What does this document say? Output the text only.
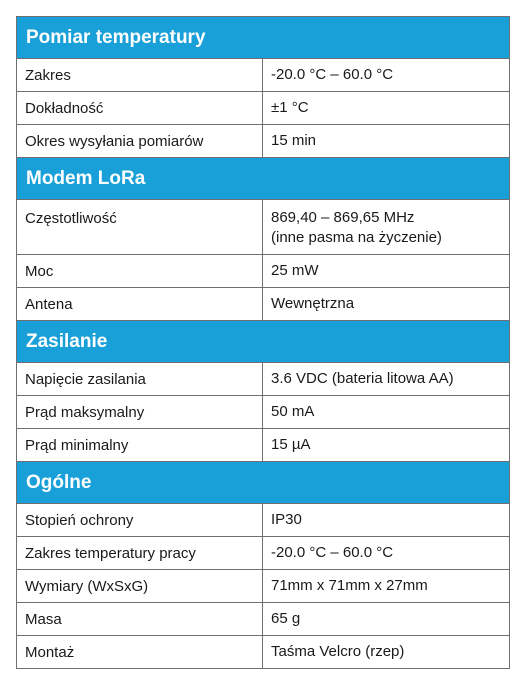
Pomiar temperatury
Zakres	-20.0 °C – 60.0 °C
Dokładność	±1 °C
Okres wysyłania pomiarów	15 min
Modem LoRa
Częstotliwość	869,40 – 869,65 MHz
(inne pasma na życzenie)
Moc	25 mW
Antena	Wewnętrzna
Zasilanie
Napięcie zasilania	3.6 VDC (bateria litowa AA)
Prąd maksymalny	50 mA
Prąd minimalny	15 µA
Ogólne
Stopień ochrony	IP30
Zakres temperatury pracy	-20.0 °C – 60.0 °C
Wymiary (WxSxG)	71mm x 71mm x 27mm
Masa	65 g
Montaż	Taśma Velcro (rzep)
